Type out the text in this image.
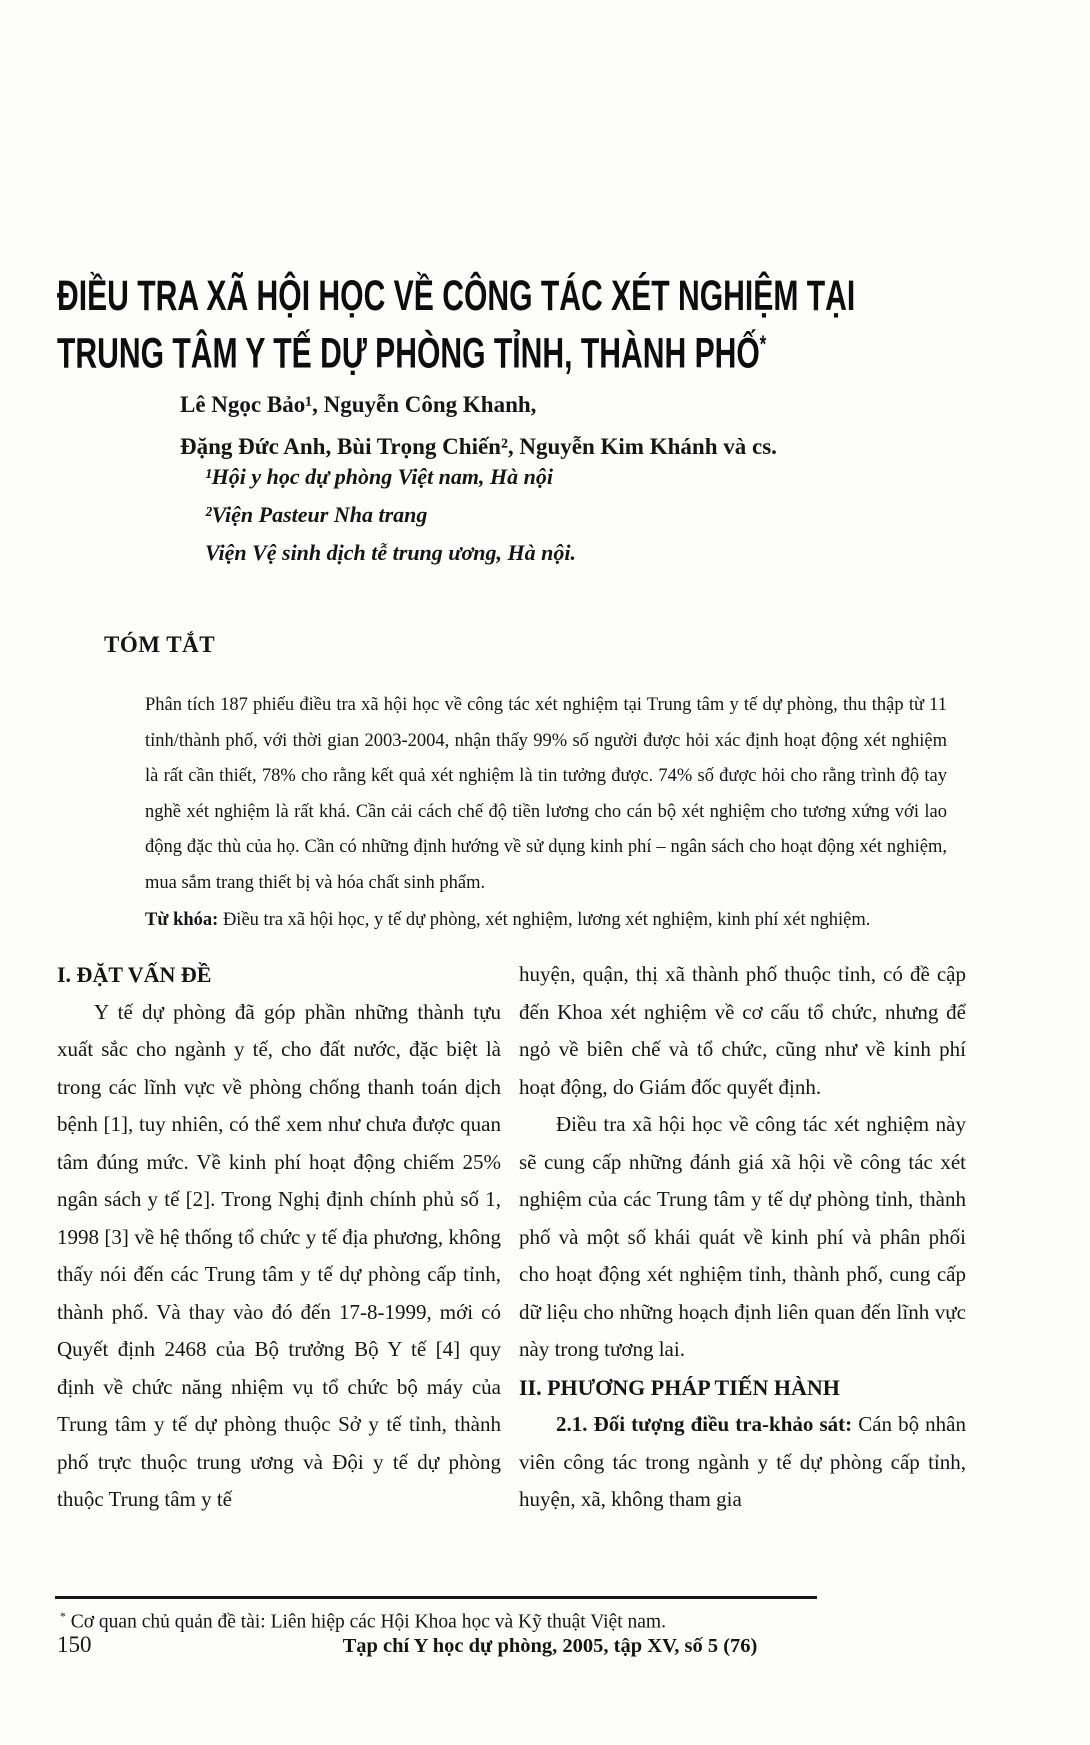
ĐIỀU TRA XÃ HỘI HỌC VỀ CÔNG TÁC XÉT NGHIỆM TẠI
TRUNG TÂM Y TẾ DỰ PHÒNG TỈNH, THÀNH PHỐ*
Lê Ngọc Bảo¹, Nguyễn Công Khanh,
Đặng Đức Anh, Bùi Trọng Chiến², Nguyễn Kim Khánh và cs.
¹Hội y học dự phòng Việt nam, Hà nội
²Viện Pasteur Nha trang
Viện Vệ sinh dịch tễ trung ương, Hà nội.
TÓM TẮT

Phân tích 187 phiếu điều tra xã hội học về công tác xét nghiệm tại Trung tâm y tế dự phòng, thu thập từ 11 tỉnh/thành phố, với thời gian 2003-2004, nhận thấy 99% số người được hỏi xác định hoạt động xét nghiệm là rất cần thiết, 78% cho rằng kết quả xét nghiệm là tin tưởng được. 74% số được hỏi cho rằng trình độ tay nghề xét nghiệm là rất khá. Cần cải cách chế độ tiền lương cho cán bộ xét nghiệm cho tương xứng với lao động đặc thù của họ. Cần có những định hướng về sử dụng kinh phí – ngân sách cho hoạt động xét nghiệm, mua sắm trang thiết bị và hóa chất sinh phẩm.

Từ khóa: Điều tra xã hội học, y tế dự phòng, xét nghiệm, lương xét nghiệm, kinh phí xét nghiệm.

I. ĐẶT VẤN ĐỀ

Y tế dự phòng đã góp phần những thành tựu xuất sắc cho ngành y tế, cho đất nước, đặc biệt là trong các lĩnh vực về phòng chống thanh toán dịch bệnh [1], tuy nhiên, có thể xem như chưa được quan tâm đúng mức. Về kinh phí hoạt động chiếm 25% ngân sách y tế [2]. Trong Nghị định chính phủ số 1, 1998 [3] về hệ thống tổ chức y tế địa phương, không thấy nói đến các Trung tâm y tế dự phòng cấp tỉnh, thành phố. Và thay vào đó đến 17-8-1999, mới có Quyết định 2468 của Bộ trưởng Bộ Y tế [4] quy định về chức năng nhiệm vụ tổ chức bộ máy của Trung tâm y tế dự phòng thuộc Sở y tế tỉnh, thành phố trực thuộc trung ương và Đội y tế dự phòng thuộc Trung tâm y tế

huyện, quận, thị xã thành phố thuộc tỉnh, có đề cập đến Khoa xét nghiệm về cơ cấu tổ chức, nhưng để ngỏ về biên chế và tổ chức, cũng như về kinh phí hoạt động, do Giám đốc quyết định.

Điều tra xã hội học về công tác xét nghiệm này sẽ cung cấp những đánh giá xã hội về công tác xét nghiệm của các Trung tâm y tế dự phòng tỉnh, thành phố và một số khái quát về kinh phí và phân phối cho hoạt động xét nghiệm tỉnh, thành phố, cung cấp dữ liệu cho những hoạch định liên quan đến lĩnh vực này trong tương lai.

II. PHƯƠNG PHÁP TIẾN HÀNH

2.1. Đối tượng điều tra-khảo sát: Cán bộ nhân viên công tác trong ngành y tế dự phòng cấp tỉnh, huyện, xã, không tham gia

* Cơ quan chủ quản đề tài: Liên hiệp các Hội Khoa học và Kỹ thuật Việt nam.
150	Tạp chí Y học dự phòng, 2005, tập XV, số 5 (76)
